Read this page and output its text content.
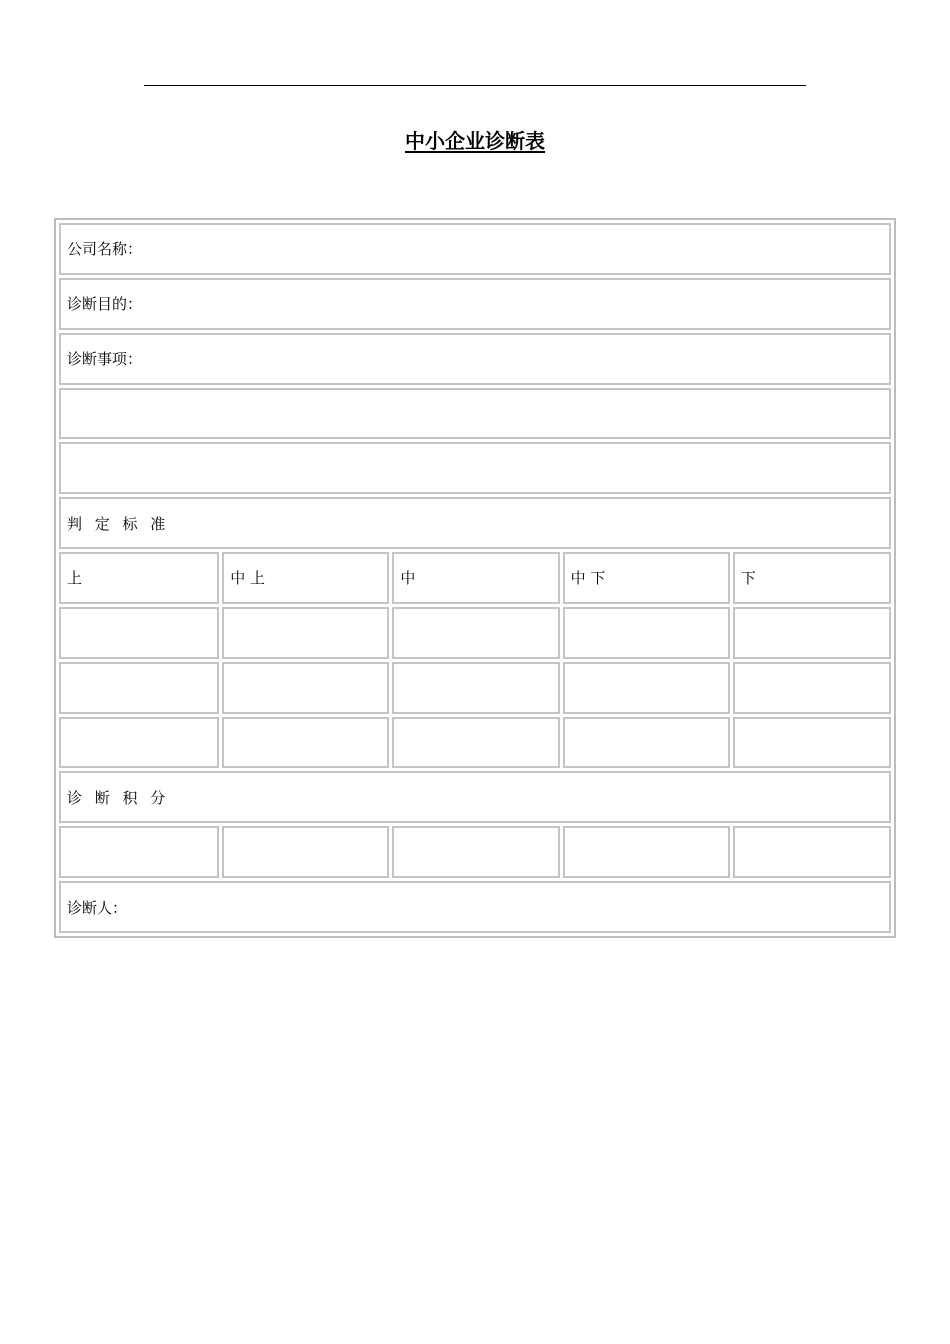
中小企业诊断表
公司名称：				
诊断目的：				
诊断事项：				

判 定 标 准				
上	中 上	中	中 下	下

诊 断 积 分				

诊断人：				
